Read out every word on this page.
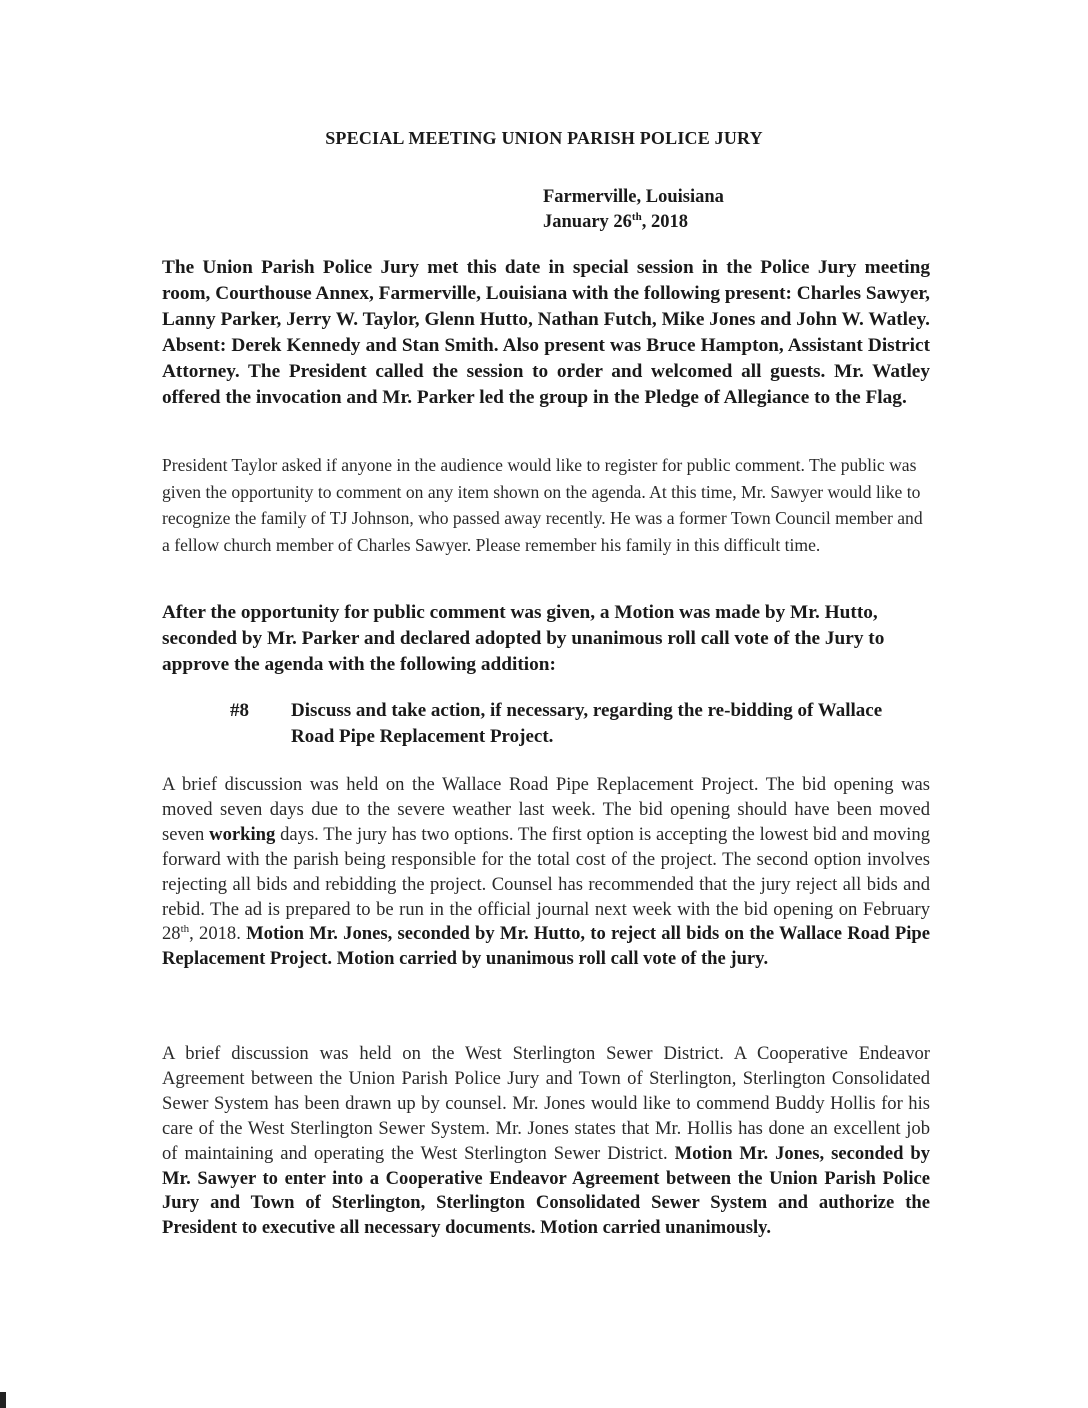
SPECIAL MEETING UNION PARISH POLICE JURY
Farmerville, Louisiana
January 26th, 2018

The Union Parish Police Jury met this date in special session in the Police Jury meeting room, Courthouse Annex, Farmerville, Louisiana with the following present: Charles Sawyer, Lanny Parker, Jerry W. Taylor, Glenn Hutto, Nathan Futch, Mike Jones and John W. Watley. Absent: Derek Kennedy and Stan Smith. Also present was Bruce Hampton, Assistant District Attorney. The President called the session to order and welcomed all guests. Mr. Watley offered the invocation and Mr. Parker led the group in the Pledge of Allegiance to the Flag.

President Taylor asked if anyone in the audience would like to register for public comment. The public was given the opportunity to comment on any item shown on the agenda. At this time, Mr. Sawyer would like to recognize the family of TJ Johnson, who passed away recently. He was a former Town Council member and a fellow church member of Charles Sawyer. Please remember his family in this difficult time.

After the opportunity for public comment was given, a Motion was made by Mr. Hutto, seconded by Mr. Parker and declared adopted by unanimous roll call vote of the Jury to approve the agenda with the following addition:

#8 Discuss and take action, if necessary, regarding the re-bidding of Wallace Road Pipe Replacement Project.

A brief discussion was held on the Wallace Road Pipe Replacement Project. The bid opening was moved seven days due to the severe weather last week. The bid opening should have been moved seven working days. The jury has two options. The first option is accepting the lowest bid and moving forward with the parish being responsible for the total cost of the project. The second option involves rejecting all bids and rebidding the project. Counsel has recommended that the jury reject all bids and rebid. The ad is prepared to be run in the official journal next week with the bid opening on February 28th, 2018. Motion Mr. Jones, seconded by Mr. Hutto, to reject all bids on the Wallace Road Pipe Replacement Project. Motion carried by unanimous roll call vote of the jury.

A brief discussion was held on the West Sterlington Sewer District. A Cooperative Endeavor Agreement between the Union Parish Police Jury and Town of Sterlington, Sterlington Consolidated Sewer System has been drawn up by counsel. Mr. Jones would like to commend Buddy Hollis for his care of the West Sterlington Sewer System. Mr. Jones states that Mr. Hollis has done an excellent job of maintaining and operating the West Sterlington Sewer District. Motion Mr. Jones, seconded by Mr. Sawyer to enter into a Cooperative Endeavor Agreement between the Union Parish Police Jury and Town of Sterlington, Sterlington Consolidated Sewer System and authorize the President to executive all necessary documents. Motion carried unanimously.
